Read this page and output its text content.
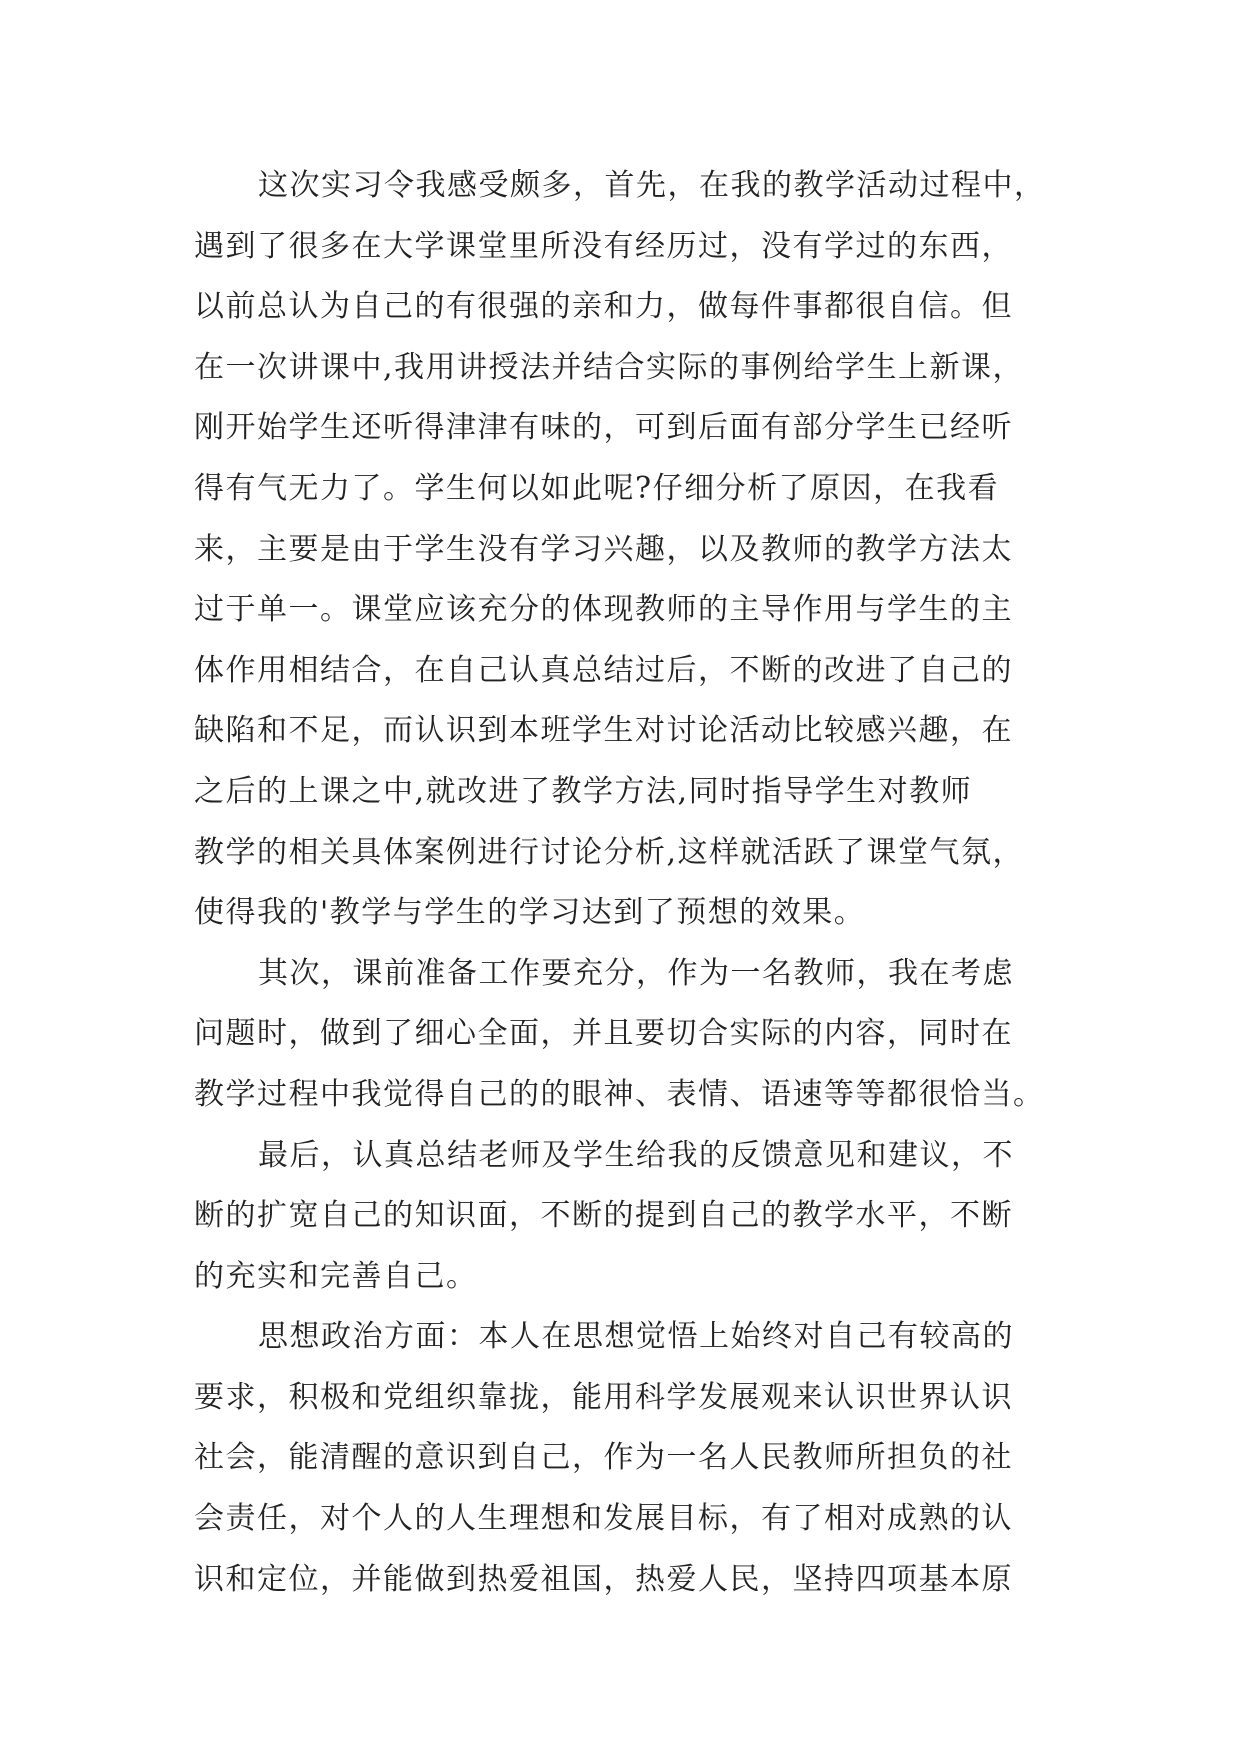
这次实习令我感受颇多，首先，在我的教学活动过程中，
遇到了很多在大学课堂里所没有经历过，没有学过的东西，
以前总认为自己的有很强的亲和力，做每件事都很自信。但
在一次讲课中,我用讲授法并结合实际的事例给学生上新课，
刚开始学生还听得津津有味的，可到后面有部分学生已经听
得有气无力了。学生何以如此呢?仔细分析了原因，在我看
来，主要是由于学生没有学习兴趣，以及教师的教学方法太
过于单一。课堂应该充分的体现教师的主导作用与学生的主
体作用相结合，在自己认真总结过后，不断的改进了自己的
缺陷和不足，而认识到本班学生对讨论活动比较感兴趣，在
之后的上课之中,就改进了教学方法,同时指导学生对教师
教学的相关具体案例进行讨论分析,这样就活跃了课堂气氛，
使得我的'教学与学生的学习达到了预想的效果。
其次，课前准备工作要充分，作为一名教师，我在考虑
问题时，做到了细心全面，并且要切合实际的内容，同时在
教学过程中我觉得自己的的眼神、表情、语速等等都很恰当。
最后，认真总结老师及学生给我的反馈意见和建议，不
断的扩宽自己的知识面，不断的提到自己的教学水平，不断
的充实和完善自己。
思想政治方面：本人在思想觉悟上始终对自己有较高的
要求，积极和党组织靠拢，能用科学发展观来认识世界认识
社会，能清醒的意识到自己，作为一名人民教师所担负的社
会责任，对个人的人生理想和发展目标，有了相对成熟的认
识和定位，并能做到热爱祖国，热爱人民，坚持四项基本原
